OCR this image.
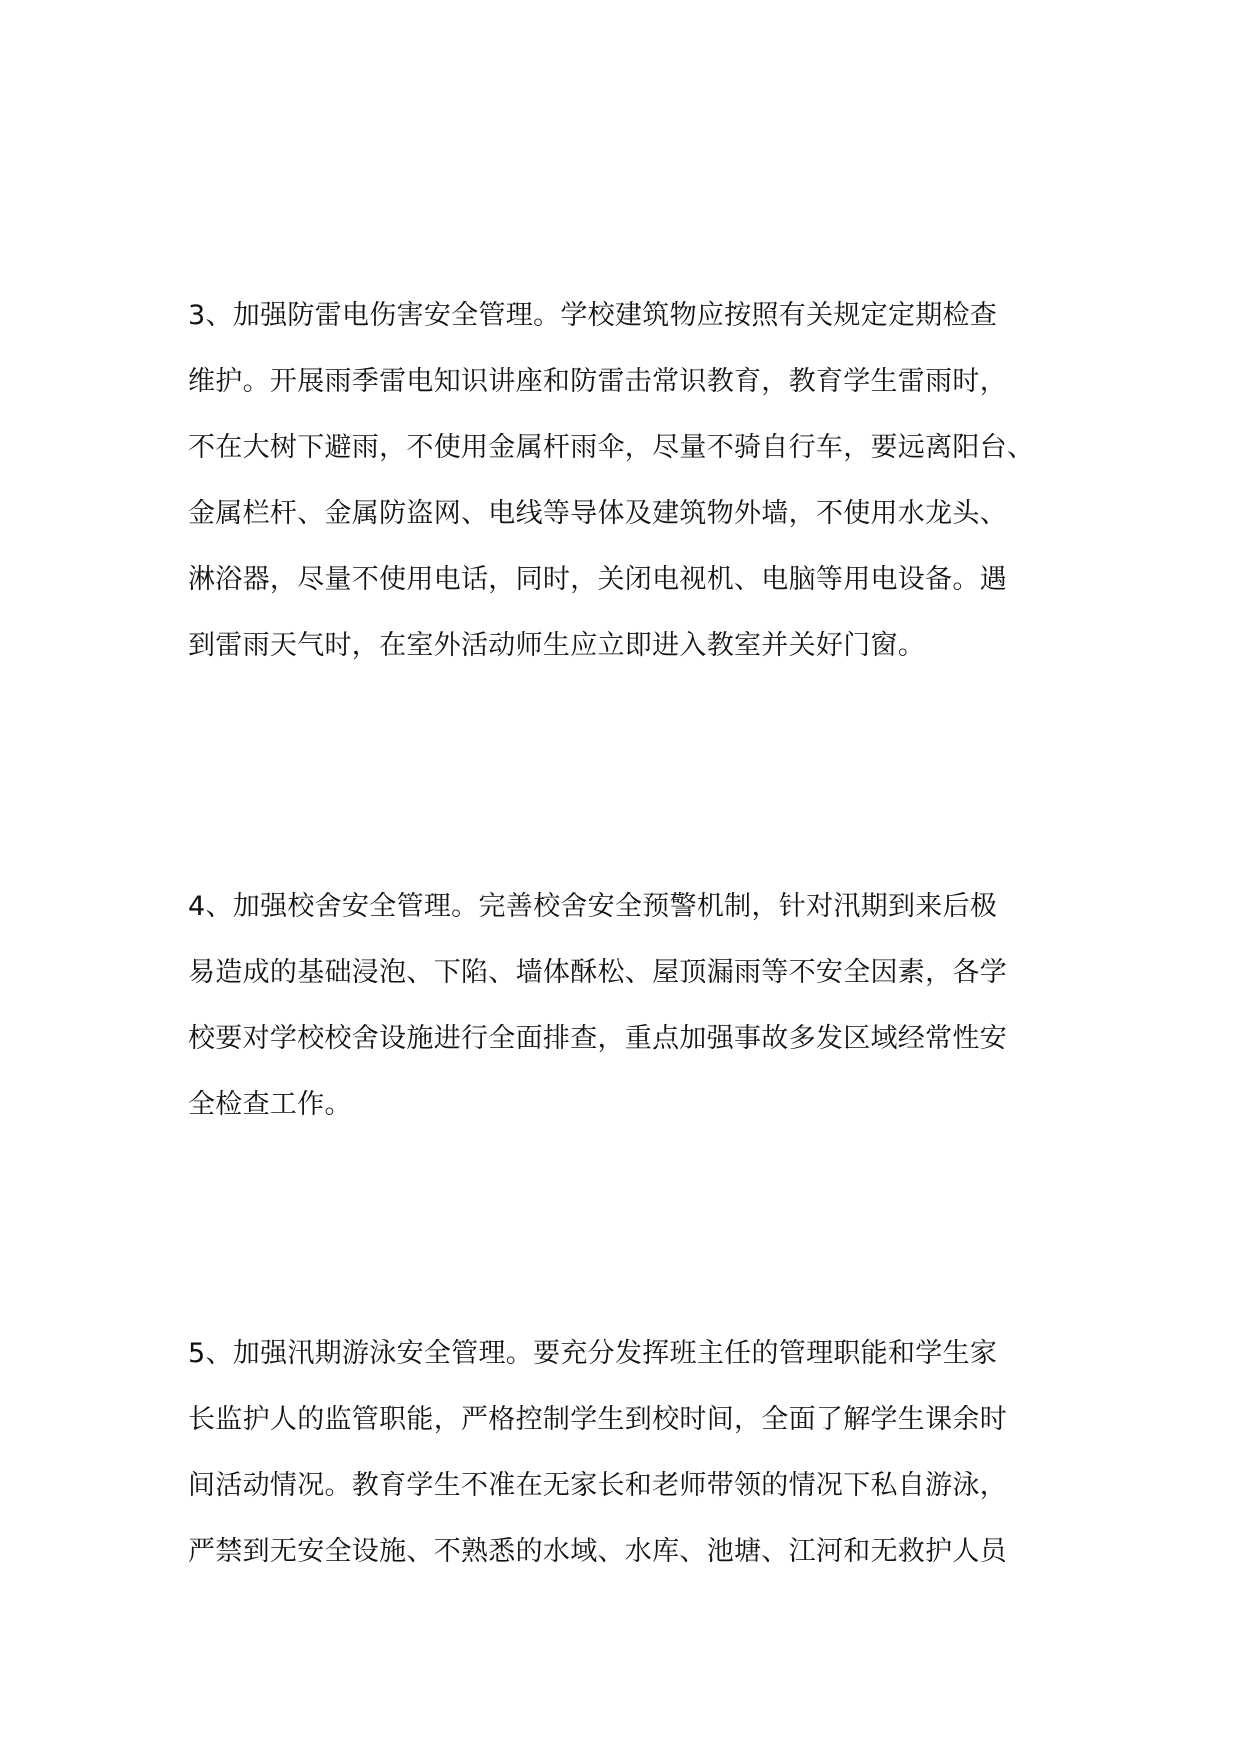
3、加强防雷电伤害安全管理。学校建筑物应按照有关规定定期检查
维护。开展雨季雷电知识讲座和防雷击常识教育，教育学生雷雨时，
不在大树下避雨，不使用金属杆雨伞，尽量不骑自行车，要远离阳台、
金属栏杆、金属防盗网、电线等导体及建筑物外墙，不使用水龙头、
淋浴器，尽量不使用电话，同时，关闭电视机、电脑等用电设备。遇
到雷雨天气时，在室外活动师生应立即进入教室并关好门窗。
4、加强校舍安全管理。完善校舍安全预警机制，针对汛期到来后极
易造成的基础浸泡、下陷、墙体酥松、屋顶漏雨等不安全因素，各学
校要对学校校舍设施进行全面排查，重点加强事故多发区域经常性安
全检查工作。
5、加强汛期游泳安全管理。要充分发挥班主任的管理职能和学生家
长监护人的监管职能，严格控制学生到校时间，全面了解学生课余时
间活动情况。教育学生不准在无家长和老师带领的情况下私自游泳，
严禁到无安全设施、不熟悉的水域、水库、池塘、江河和无救护人员
